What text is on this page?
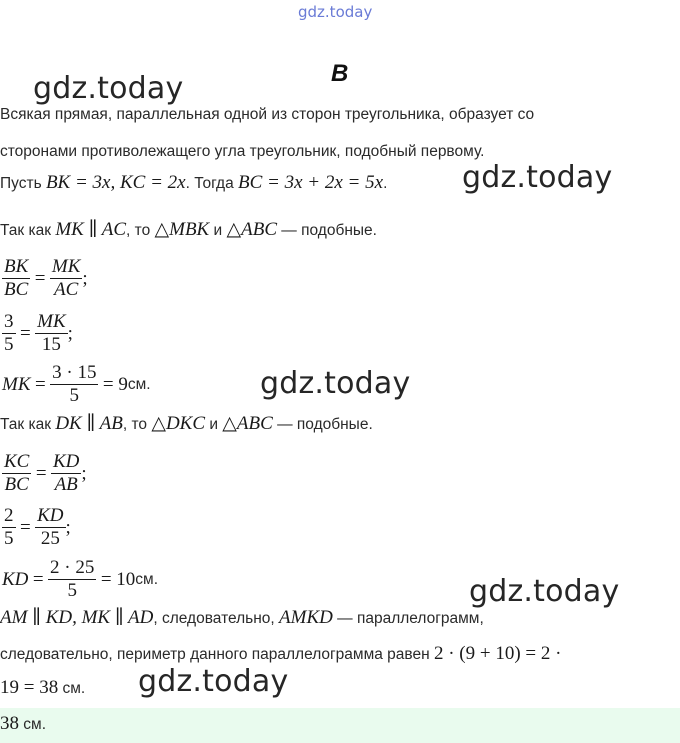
gdz.today
В
gdz.today
Всякая прямая, параллельная одной из сторон треугольника, образует со
сторонами противолежащего угла треугольник, подобный первому.
Пусть BK = 3x, KC = 2x. Тогда BC = 3x + 2x = 5x. gdz.today
Так как MK ∥ AC, то △MBK и △ABC — подобные.
$\frac{BK}{BC} = \frac{MK}{AC}$ ;
$\frac{3}{5} = \frac{MK}{15}$ ;
MK = $\frac{3 \cdot 15}{5} = 9см$.	gdz.today
Так как DK ∥ AB, то △DKC и △ABC — подобные.
$\frac{KC}{BC} = \frac{KD}{AB}$ ;
$\frac{2}{5} = \frac{KD}{25}$ ;
KD = $\frac{2 \cdot 25}{5} = 10см$.	gdz.today
AM ∥ KD, MK ∥ AD, следовательно, AMKD — параллелограмм,
следовательно, периметр данного параллелограмма равен 2 · (9 + 10) = 2 ·
19 = 38 см. gdz.today
38 см.
